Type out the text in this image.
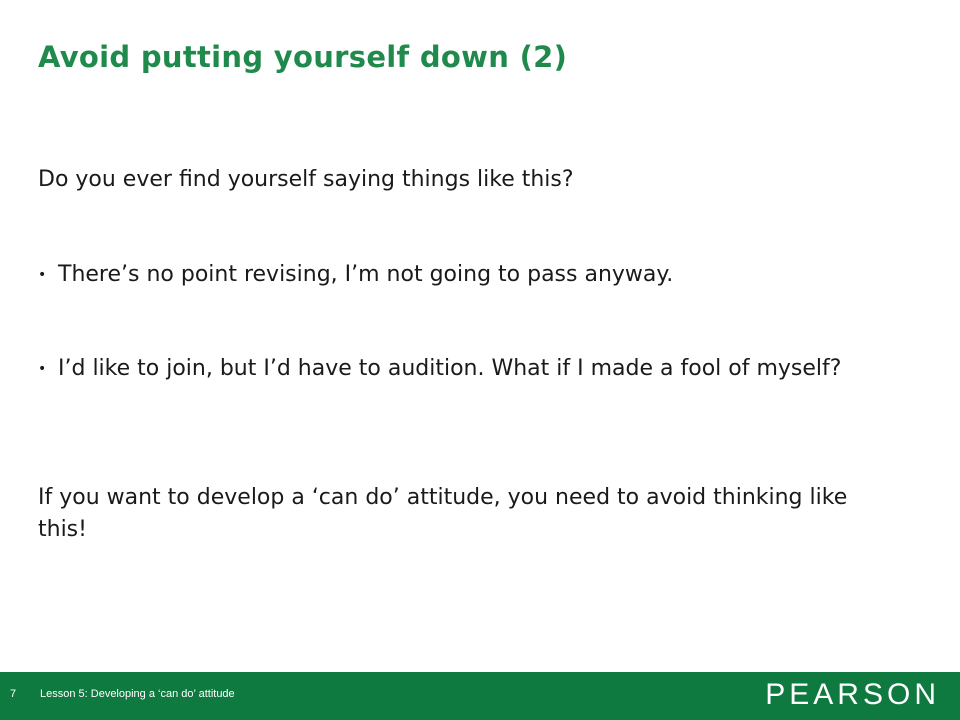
Avoid putting yourself down (2)
Do you ever find yourself saying things like this?
• There’s no point revising, I’m not going to pass anyway.
• I’d like to join, but I’d have to audition. What if I made a fool of myself?
If you want to develop a ‘can do’ attitude, you need to avoid thinking like this!
7 Lesson 5: Developing a ‘can do’ attitude	PEARSON
